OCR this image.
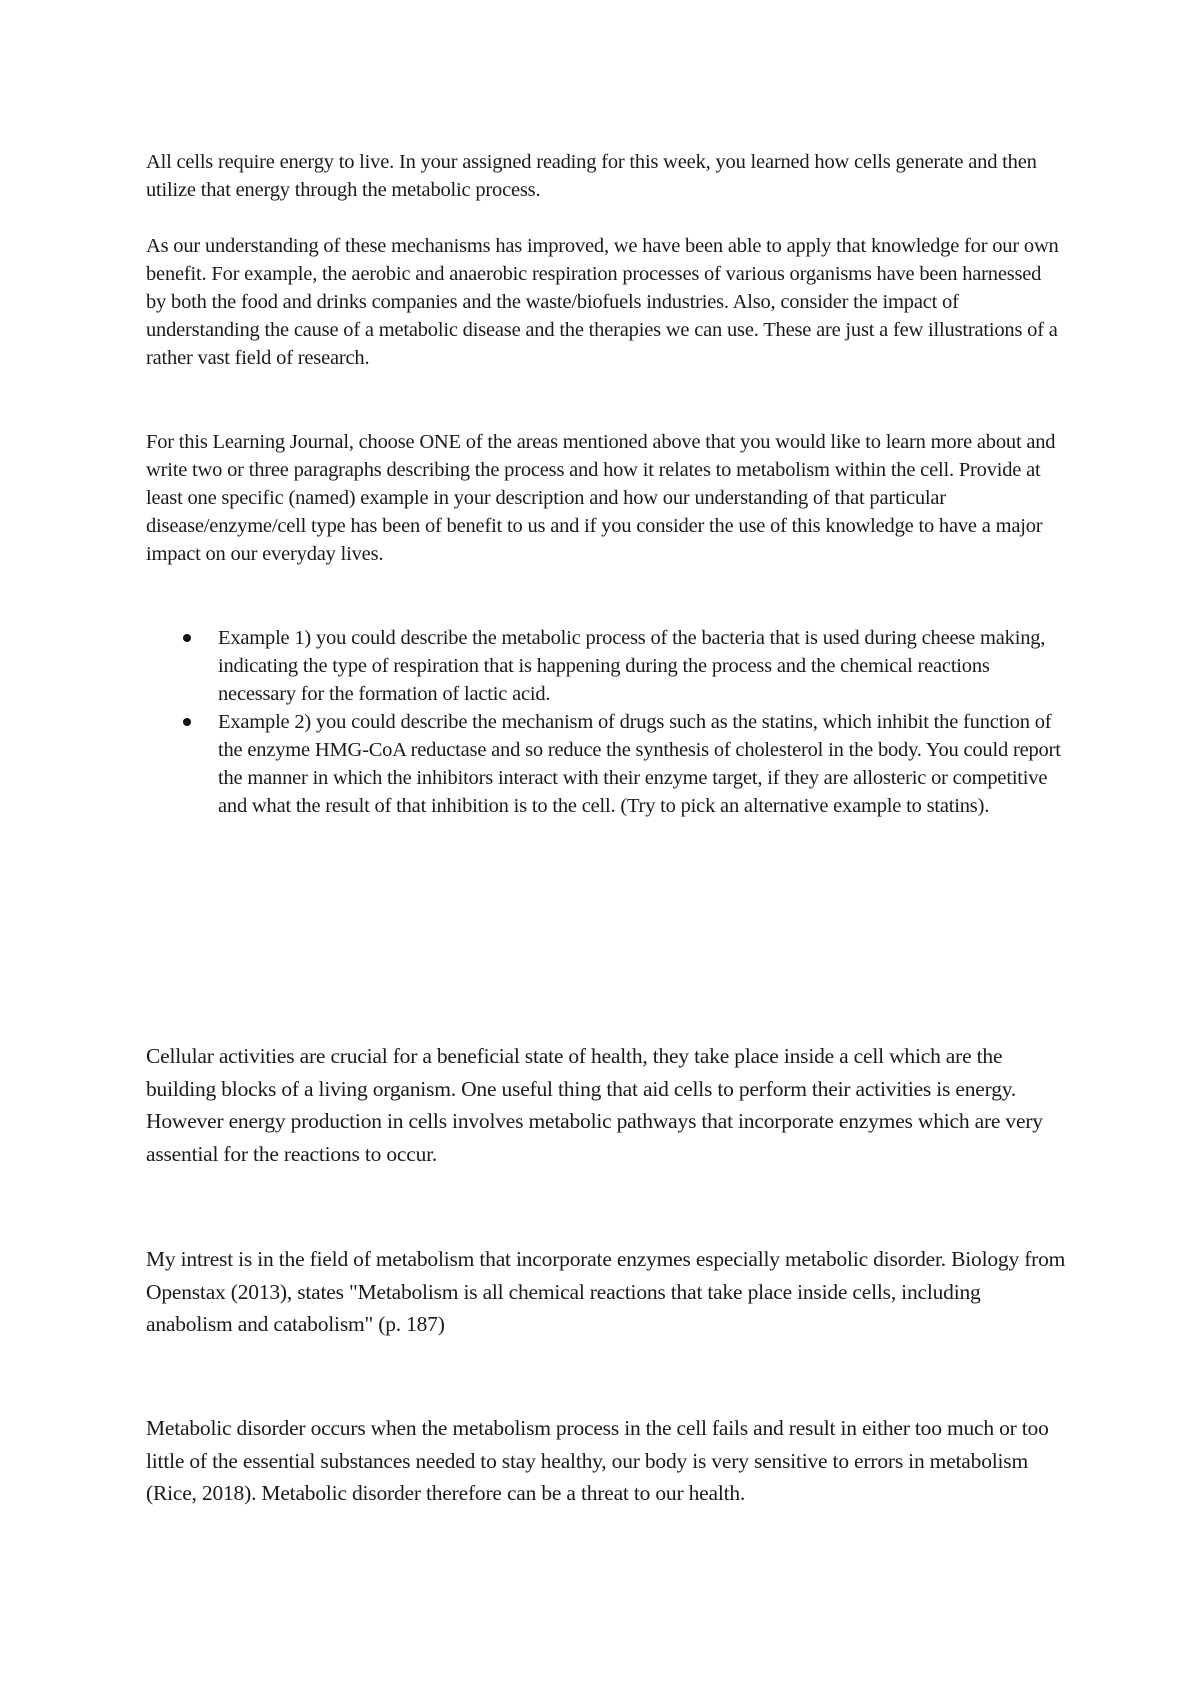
All cells require energy to live. In your assigned reading for this week, you learned how cells generate and then utilize that energy through the metabolic process.

As our understanding of these mechanisms has improved, we have been able to apply that knowledge for our own benefit. For example, the aerobic and anaerobic respiration processes of various organisms have been harnessed by both the food and drinks companies and the waste/biofuels industries. Also, consider the impact of understanding the cause of a metabolic disease and the therapies we can use. These are just a few illustrations of a rather vast field of research.

For this Learning Journal, choose ONE of the areas mentioned above that you would like to learn more about and write two or three paragraphs describing the process and how it relates to metabolism within the cell. Provide at least one specific (named) example in your description and how our understanding of that particular disease/enzyme/cell type has been of benefit to us and if you consider the use of this knowledge to have a major impact on our everyday lives.

Example 1) you could describe the metabolic process of the bacteria that is used during cheese making, indicating the type of respiration that is happening during the process and the chemical reactions necessary for the formation of lactic acid.
Example 2) you could describe the mechanism of drugs such as the statins, which inhibit the function of the enzyme HMG-CoA reductase and so reduce the synthesis of cholesterol in the body. You could report the manner in which the inhibitors interact with their enzyme target, if they are allosteric or competitive and what the result of that inhibition is to the cell. (Try to pick an alternative example to statins).

Cellular activities are crucial for a beneficial state of health, they take place inside a cell which are the building blocks of a living organism. One useful thing that aid cells to perform their activities is energy. However energy production in cells involves metabolic pathways that incorporate enzymes which are very assential for the reactions to occur.

My intrest is in the field of metabolism that incorporate enzymes especially metabolic disorder. Biology from Openstax (2013), states "Metabolism is all chemical reactions that take place inside cells, including anabolism and catabolism" (p. 187)

Metabolic disorder occurs when the metabolism process in the cell fails and result in either too much or too little of the essential substances needed to stay healthy, our body is very sensitive to errors in metabolism (Rice, 2018). Metabolic disorder therefore can be a threat to our health.
